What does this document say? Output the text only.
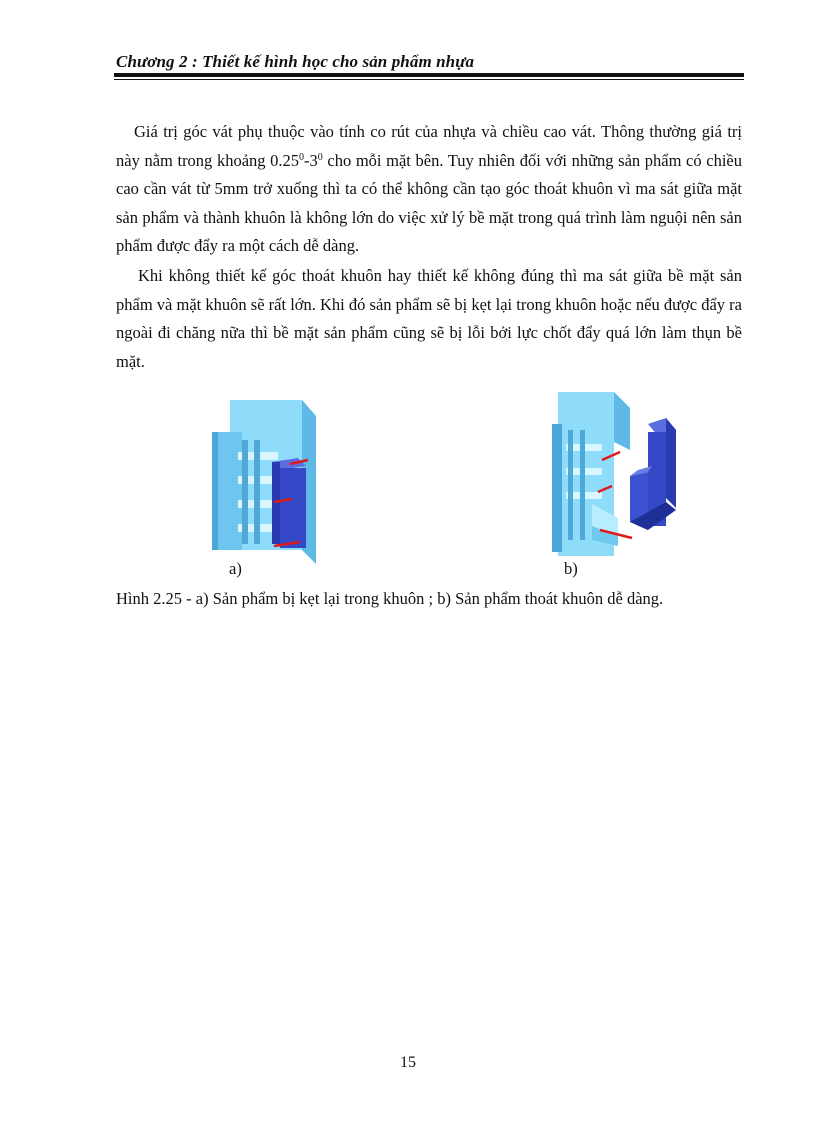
Chương 2 : Thiết kế hình học cho sản phẩm nhựa

Giá trị góc vát phụ thuộc vào tính co rút của nhựa và chiều cao vát. Thông thường giá trị này nằm trong khoảng $0.25^0-3^0$ cho mỗi mặt bên. Tuy nhiên đối với những sản phẩm có chiều cao cần vát từ 5mm trở xuống thì ta có thể không cần tạo góc thoát khuôn vì ma sát giữa mặt sản phẩm và thành khuôn là không lớn do việc xử lý bề mặt trong quá trình làm nguội nên sản phẩm được đẩy ra một cách dễ dàng.

Khi không thiết kế góc thoát khuôn hay thiết kế không đúng thì ma sát giữa bề mặt sản phẩm và mặt khuôn sẽ rất lớn. Khi đó sản phẩm sẽ bị kẹt lại trong khuôn hoặc nếu được đẩy ra ngoài đi chăng nữa thì bề mặt sản phẩm cũng sẽ bị lỗi bởi lực chốt đẩy quá lớn làm thụn bề mặt.

a)	b)
Hình 2.25 - a) Sản phẩm bị kẹt lại trong khuôn ; b) Sản phẩm thoát khuôn dễ dàng.
15
